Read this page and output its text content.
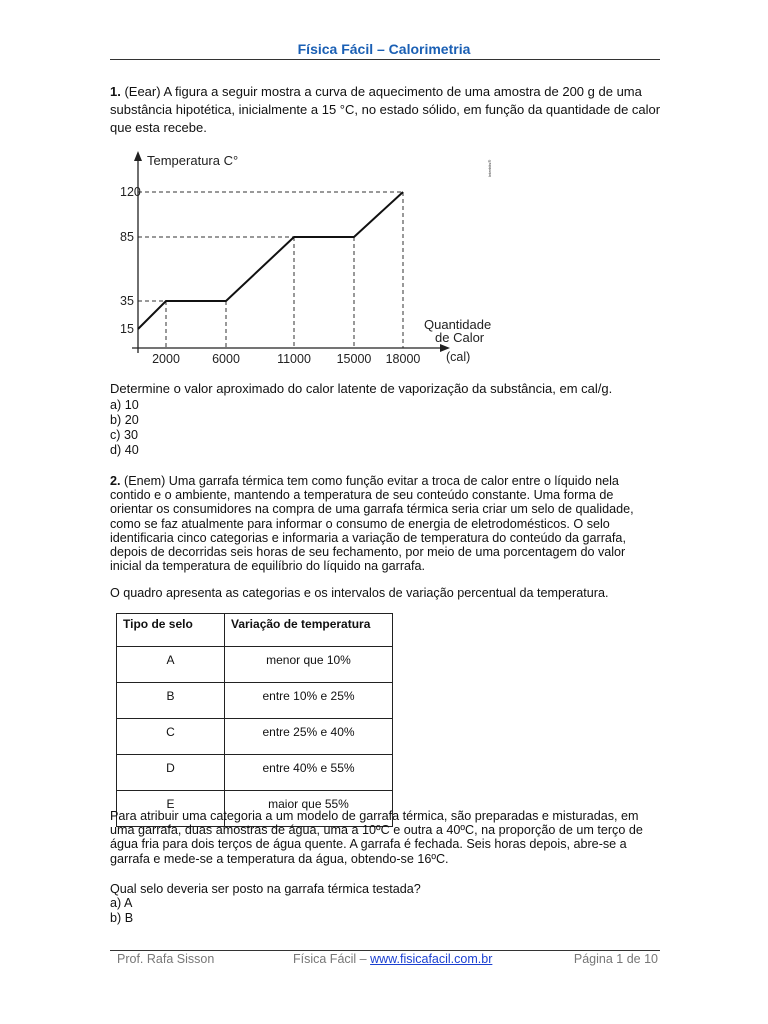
Física Fácil – Calorimetria

1. (Eear) A figura a seguir mostra a curva de aquecimento de uma amostra de 200 g de uma substância hipotética, inicialmente a 15 °C, no estado sólido, em função da quantidade de calor que esta recebe.

Temperatura C°
Quantidade
de Calor
(cal)
Interbits®
2000	6000	11000 15000 18000
120
85
35
15

Determine o valor aproximado do calor latente de vaporização da substância, em cal/g.

a) 10
b) 20
c) 30
d) 40

2. (Enem) Uma garrafa térmica tem como função evitar a troca de calor entre o líquido nela contido e o ambiente, mantendo a temperatura de seu conteúdo constante. Uma forma de orientar os consumidores na compra de uma garrafa térmica seria criar um selo de qualidade, como se faz atualmente para informar o consumo de energia de eletrodomésticos. O selo identificaria cinco categorias e informaria a variação de temperatura do conteúdo da garrafa, depois de decorridas seis horas de seu fechamento, por meio de uma porcentagem do valor inicial da temperatura de equilíbrio do líquido na garrafa.

O quadro apresenta as categorias e os intervalos de variação percentual da temperatura.

Tipo de selo	Variação de temperatura
A	menor que 10%
B	entre 10% e 25%
C	entre 25% e 40%
D	entre 40% e 55%
E	maior que 55%

Para atribuir uma categoria a um modelo de garrafa térmica, são preparadas e misturadas, em uma garrafa, duas amostras de água, uma a 10ºC e outra a 40ºC, na proporção de um terço de água fria para dois terços de água quente. A garrafa é fechada. Seis horas depois, abre-se a garrafa e mede-se a temperatura da água, obtendo-se 16ºC.

Qual selo deveria ser posto na garrafa térmica testada?

a) A
b) B
Prof. Rafa Sisson	Física Fácil – www.fisicafacil.com.br	Página 1 de 10
